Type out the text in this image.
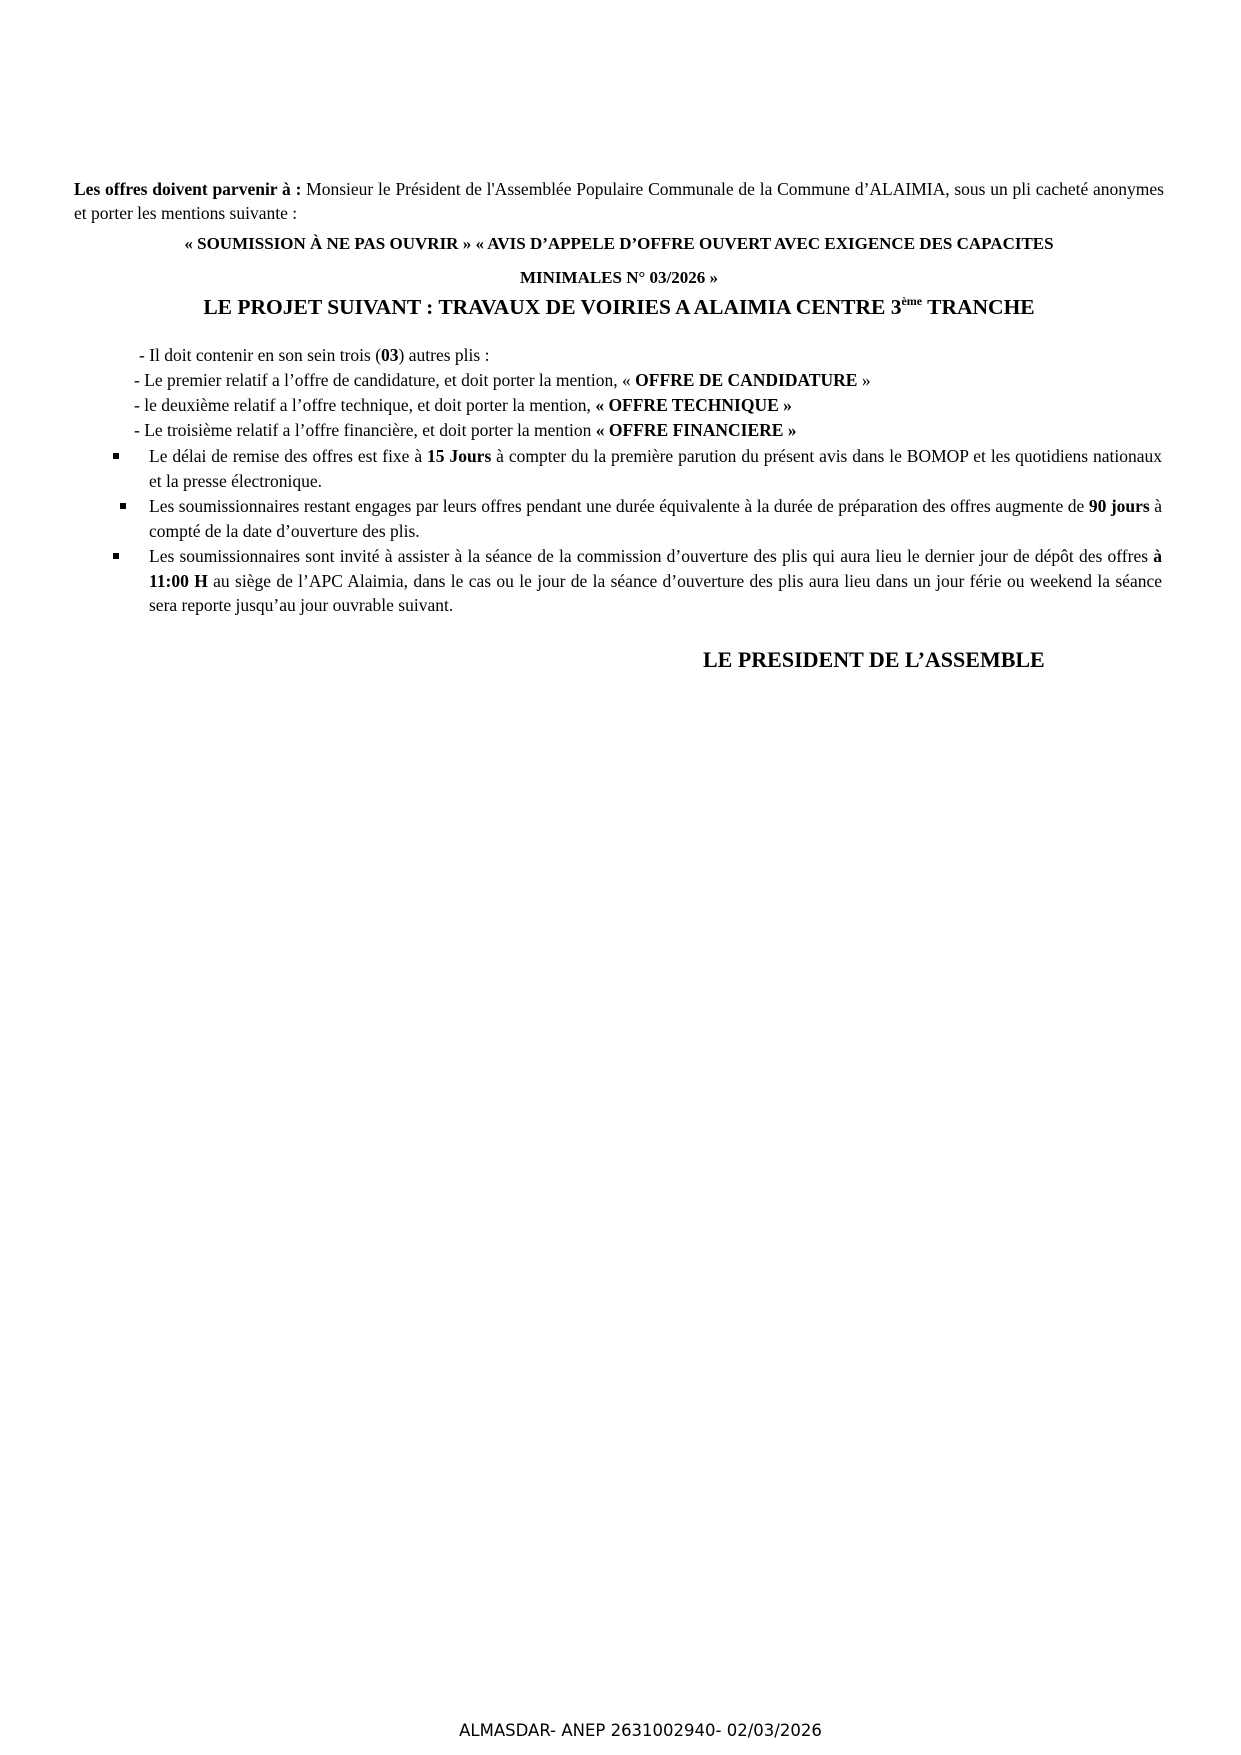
Les offres doivent parvenir à : Monsieur le Président de l'Assemblée Populaire Communale de la Commune d’ALAIMIA, sous un pli cacheté anonymes et porter les mentions suivante :
« SOUMISSION À NE PAS OUVRIR » « AVIS D’APPELE D’OFFRE OUVERT AVEC EXIGENCE DES CAPACITES
MINIMALES N° 03/2026 »
LE PROJET SUIVANT : TRAVAUX DE VOIRIES A ALAIMIA CENTRE 3ème TRANCHE
- Il doit contenir en son sein trois (03) autres plis :
- Le premier relatif a l’offre de candidature, et doit porter la mention, « OFFRE DE CANDIDATURE »
- le deuxième relatif a l’offre technique, et doit porter la mention, « OFFRE TECHNIQUE »
- Le troisième relatif a l’offre financière, et doit porter la mention « OFFRE FINANCIERE »
Le délai de remise des offres est fixe à 15 Jours à compter du la première parution du présent avis dans le BOMOP et les quotidiens nationaux et la presse électronique.
Les soumissionnaires restant engages par leurs offres pendant une durée équivalente à la durée de préparation des offres augmente de 90 jours à compté de la date d’ouverture des plis.
Les soumissionnaires sont invité à assister à la séance de la commission d’ouverture des plis qui aura lieu le dernier jour de dépôt des offres à 11:00 H au siège de l’APC Alaimia, dans le cas ou le jour de la séance d’ouverture des plis aura lieu dans un jour férie ou weekend la séance sera reporte jusqu’au jour ouvrable suivant.
LE PRESIDENT DE L’ASSEMBLE
ALMASDAR- ANEP 2631002940- 02/03/2026
